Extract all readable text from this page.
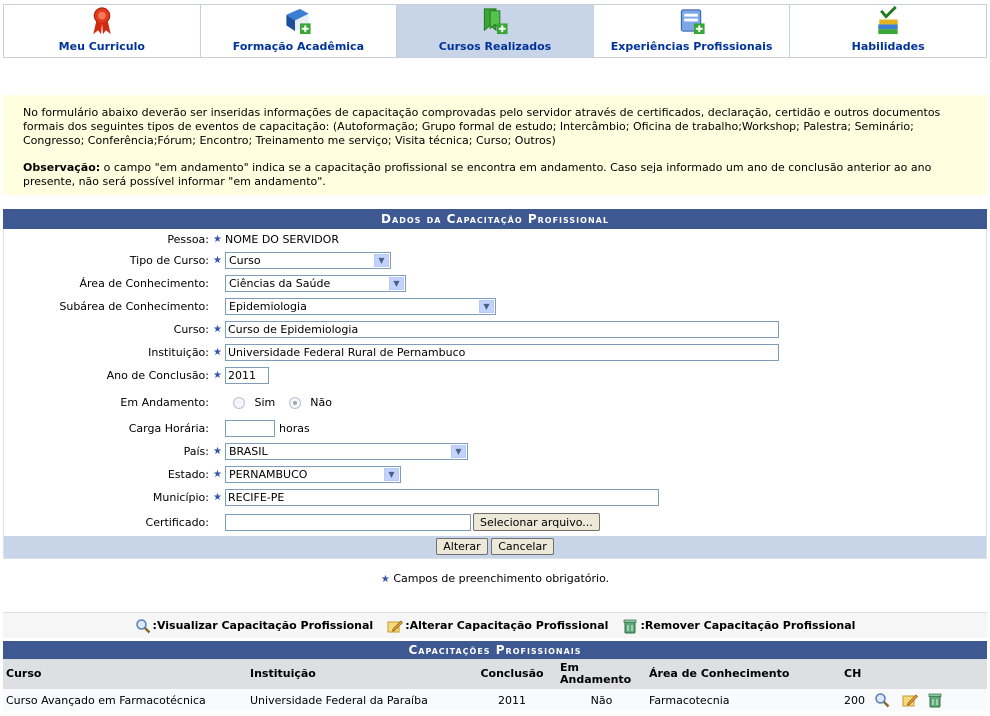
Meu Curriculo	Formação Acadêmica	Cursos Realizados	Experiências Profissionais	Habilidades

No formulário abaixo deverão ser inseridas informações de capacitação comprovadas pelo servidor através de certificados, declaração, certidão e outros documentos formais dos seguintes tipos de eventos de capacitação: (Autoformação; Grupo formal de estudo; Intercâmbio; Oficina de trabalho;Workshop; Palestra; Seminário; Congresso; Conferência;Fórum; Encontro; Treinamento me serviço; Visita técnica; Curso; Outros)

Observação: o campo "em andamento" indica se a capacitação profissional se encontra em andamento. Caso seja informado um ano de conclusão anterior ao ano presente, não será possível informar "em andamento".

Dados da Capacitação Profissional
Pessoa: ★ NOME DO SERVIDOR
Tipo de Curso: ★ Curso	▼
Área de Conhecimento: Ciências da Saúde	▼
Subárea de Conhecimento: Epidemiologia	▼
Curso: ★ Curso de Epidemiologia
Instituição: ★ Universidade Federal Rural de Pernambuco
Ano de Conclusão: ★ 2011
Em Andamento:	Sim	Não
Carga Horária:	horas
País: ★ BRASIL	▼
Estado: ★ PERNAMBUCO	▼
Município: ★ RECIFE-PE
Certificado:	Selecionar arquivo...
Alterar Cancelar
★ Campos de preenchimento obrigatório.
:Visualizar Capacitação Profissional	:Alterar Capacitação Profissional	:Remover Capacitação Profissional
Capacitações Profissionais
Curso	Instituição	Conclusão	Em Andamento	Área de Conhecimento	CH	
Curso Avançado em Farmacotécnica	Universidade Federal da Paraíba	2011	Não	Farmacotecnia	200	
